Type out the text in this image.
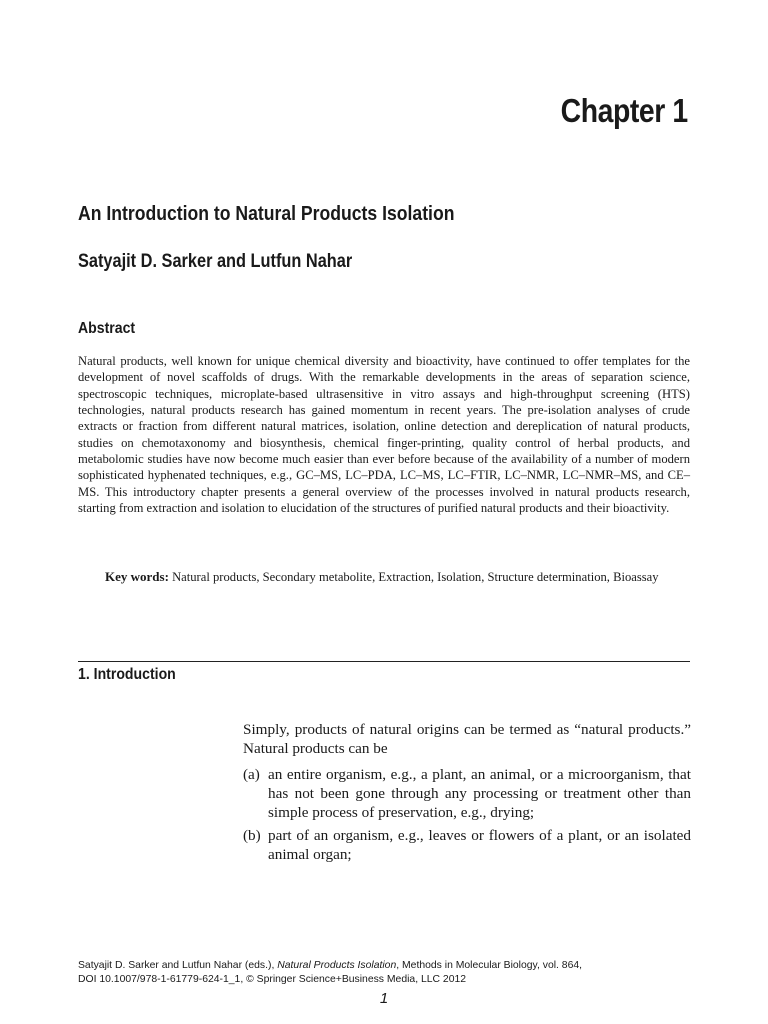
Chapter 1
An Introduction to Natural Products Isolation
Satyajit D. Sarker and Lutfun Nahar
Abstract

Natural products, well known for unique chemical diversity and bioactivity, have continued to offer templates for the development of novel scaffolds of drugs. With the remarkable developments in the areas of separation science, spectroscopic techniques, microplate-based ultrasensitive in vitro assays and high-throughput screening (HTS) technologies, natural products research has gained momentum in recent years. The pre-isolation analyses of crude extracts or fraction from different natural matrices, isolation, online detection and dereplication of natural products, studies on chemotaxonomy and biosynthesis, chemical finger-printing, quality control of herbal products, and metabolomic studies have now become much easier than ever before because of the availability of a number of modern sophisticated hyphenated techniques, e.g., GC–MS, LC–PDA, LC–MS, LC–FTIR, LC–NMR, LC–NMR–MS, and CE–MS. This introductory chapter presents a general overview of the processes involved in natural products research, starting from extraction and isolation to elucidation of the structures of purified natural products and their bioactivity.

Key words: Natural products, Secondary metabolite, Extraction, Isolation, Structure determination, Bioassay

1. Introduction

Simply, products of natural origins can be termed as “natural products.” Natural products can be

(a) an entire organism, e.g., a plant, an animal, or a microorganism, that has not been gone through any processing or treatment other than simple process of preservation, e.g., drying;
(b) part of an organism, e.g., leaves or flowers of a plant, or an isolated animal organ;

Satyajit D. Sarker and Lutfun Nahar (eds.), Natural Products Isolation, Methods in Molecular Biology, vol. 864,
DOI 10.1007/978-1-61779-624-1_1, © Springer Science+Business Media, LLC 2012

1
